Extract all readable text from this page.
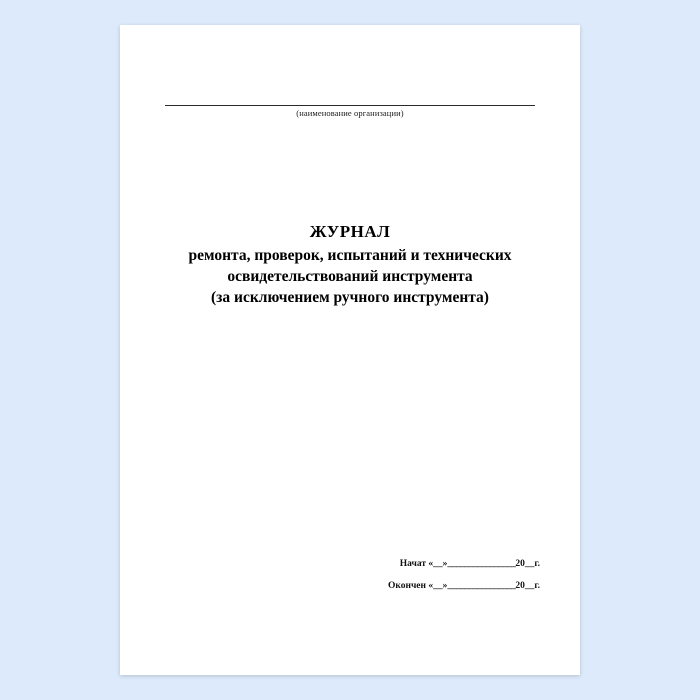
(наименование организации)
ЖУРНАЛ
ремонта, проверок, испытаний и технических
освидетельствований инструмента
(за исключением ручного инструмента)
Начат «__»________________20__г.
Окончен «__»________________20__г.
